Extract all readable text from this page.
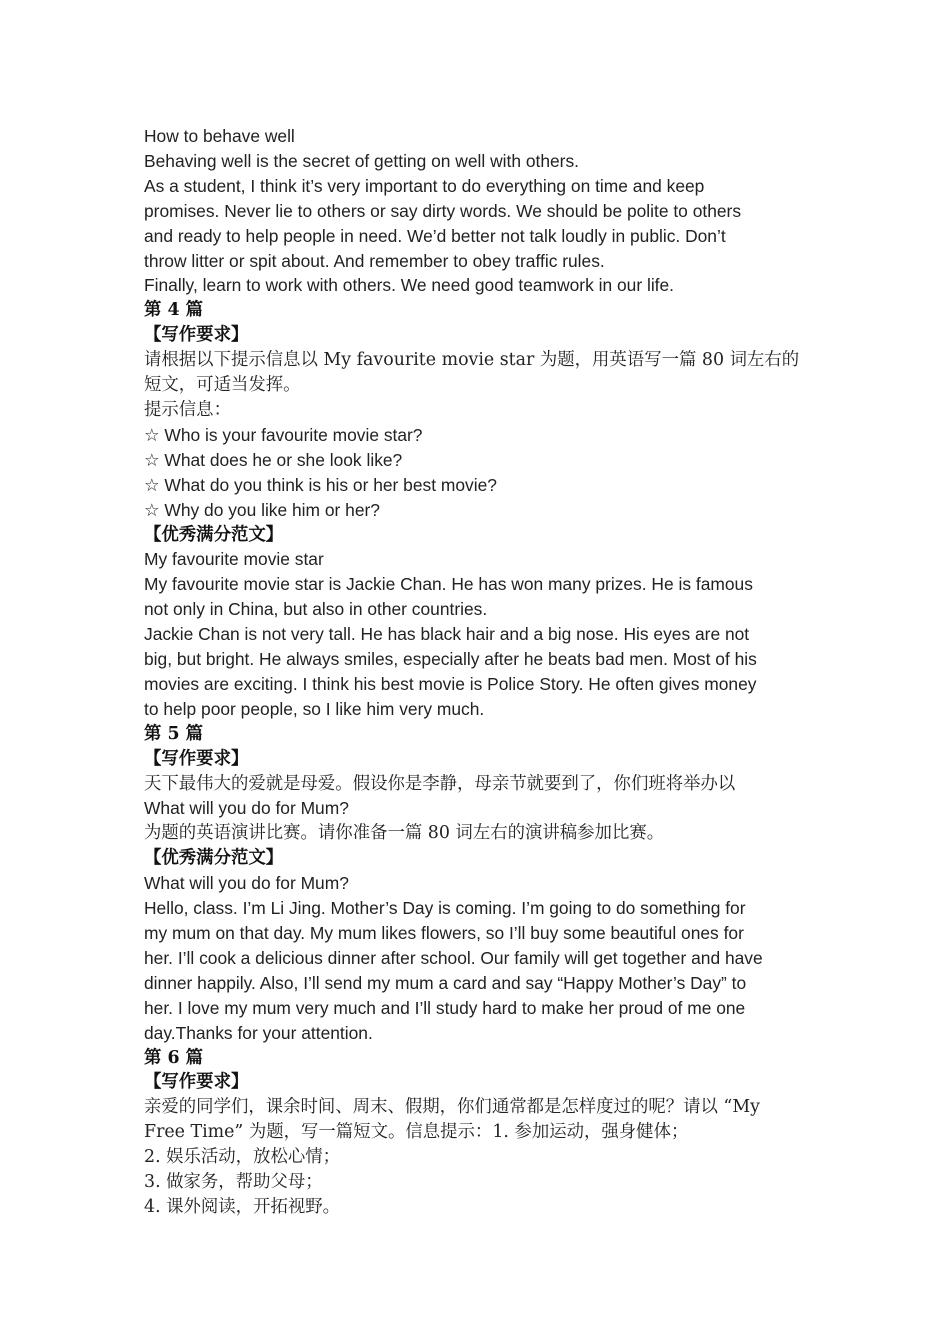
How to behave well
Behaving well is the secret of getting on well with others.
As a student, I think it’s very important to do everything on time and keep
promises. Never lie to others or say dirty words. We should be polite to others
and ready to help people in need. We’d better not talk loudly in public. Don’t
throw litter or spit about. And remember to obey traffic rules.
Finally, learn to work with others. We need good teamwork in our life.
第 4 篇
【写作要求】
请根据以下提示信息以 My favourite movie star 为题，用英语写一篇 80 词左右的
短文，可适当发挥。
提示信息：
☆ Who is your favourite movie star?
☆ What does he or she look like?
☆ What do you think is his or her best movie?
☆ Why do you like him or her?
【优秀满分范文】
My favourite movie star
My favourite movie star is Jackie Chan. He has won many prizes. He is famous
not only in China, but also in other countries.
Jackie Chan is not very tall. He has black hair and a big nose. His eyes are not
big, but bright. He always smiles, especially after he beats bad men. Most of his
movies are exciting. I think his best movie is Police Story. He often gives money
to help poor people, so I like him very much.
第 5 篇
【写作要求】
天下最伟大的爱就是母爱。假设你是李静，母亲节就要到了，你们班将举办以
What will you do for Mum?
为题的英语演讲比赛。请你准备一篇 80 词左右的演讲稿参加比赛。
【优秀满分范文】
What will you do for Mum?
Hello, class. I’m Li Jing. Mother’s Day is coming. I’m going to do something for
my mum on that day. My mum likes flowers, so I’ll buy some beautiful ones for
her. I’ll cook a delicious dinner after school. Our family will get together and have
dinner happily. Also, I’ll send my mum a card and say “Happy Mother’s Day” to
her. I love my mum very much and I’ll study hard to make her proud of me one
day.Thanks for your attention.
第 6 篇
【写作要求】
亲爱的同学们，课余时间、周末、假期，你们通常都是怎样度过的呢？请以 “My
Free Time” 为题，写一篇短文。信息提示：1. 参加运动，强身健体；
2. 娱乐活动，放松心情；
3. 做家务，帮助父母；
4. 课外阅读，开拓视野。
